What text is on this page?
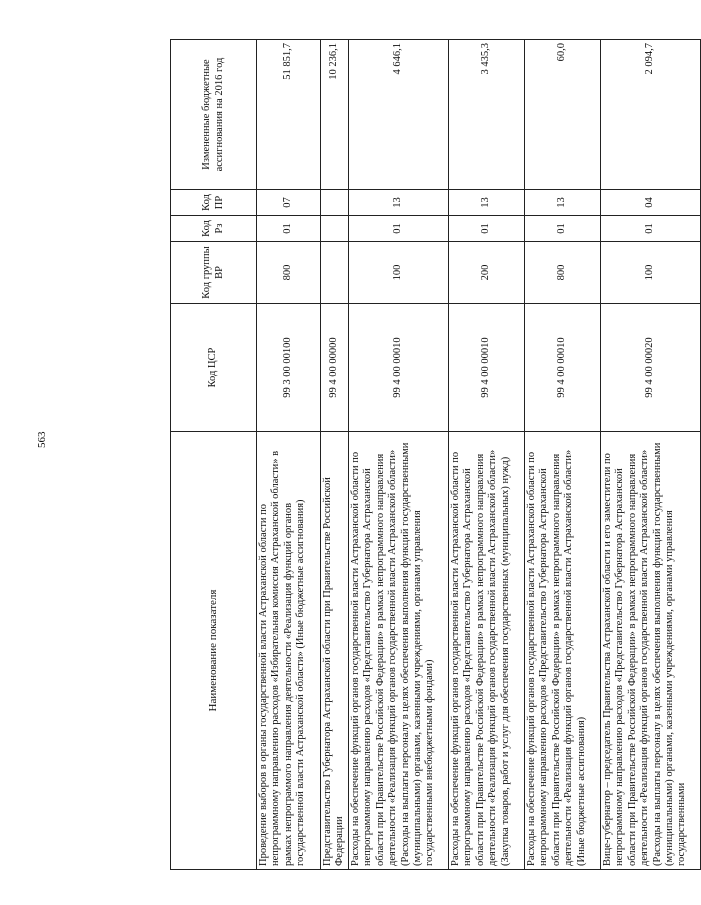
563
Наименование показателя	Код ЦСР	Код группы ВР	Код Рз	Код ПР	Измененные бюджетные ассигнования на 2016 год
Проведение выборов в органы государственной власти Астраханской области по непрограммному направлению расходов «Избирательная комиссия Астраханской области» в рамках непрограммого направления деятельности «Реализация функций органов государственной власти Астраханской области» (Иные бюджетные ассигнования)	99 3 00 00100	800	01	07	51 851,7
Представительство Губернатора Астраханской области при Правительстве Российской Федерации	99 4 00 00000				10 236,1
Расходы на обеспечение функций органов государственной власти Астраханской области по непрограммному направлению расходов «Представительство Губернатора Астраханской области при Правительстве Российской Федерации» в рамках непрограммного направления деятельности «Реализация функций органов государственной власти Астраханской области» (Расходы на выплаты персоналу в целях обеспечения выполнения функций государственными (муниципальными) органами, казенными учреждениями, органами управления государственными внебюджетными фондами)	99 4 00 00010	100	01	13	4 646,1
Расходы на обеспечение функций органов государственной власти Астраханской области по непрограммному направлению расходов «Представительство Губернатора Астраханской области при Правительстве Российской Федерации» в рамках непрограммного направления деятельности «Реализация функций органов государственной власти Астраханской области» (Закупка товаров, работ и услуг для обеспечения государственных (муниципальных) нужд)	99 4 00 00010	200	01	13	3 435,3
Расходы на обеспечение функций органов государственной власти Астраханской области по непрограммному направлению расходов «Представительство Губернатора Астраханской области при Правительстве Российской Федерации» в рамках непрограммного направления деятельности «Реализация функций органов государственной власти Астраханской области» (Иные бюджетные ассигнования)	99 4 00 00010	800	01	13	60,0
Вице-губернатор – председатель Правительства Астраханской области и его заместители по непрограммному направлению расходов «Представительство Губернатора Астраханской области при Правительстве Российской Федерации» в рамках непрограммного направления деятельности «Реализация функций органов государственной власти Астраханской области» (Расходы на выплаты персоналу в целях обеспечения выполнения функций государственными (муниципальными) органами, казенными учреждениями, органами управления государственными	99 4 00 00020	100	01	04	2 094,7
